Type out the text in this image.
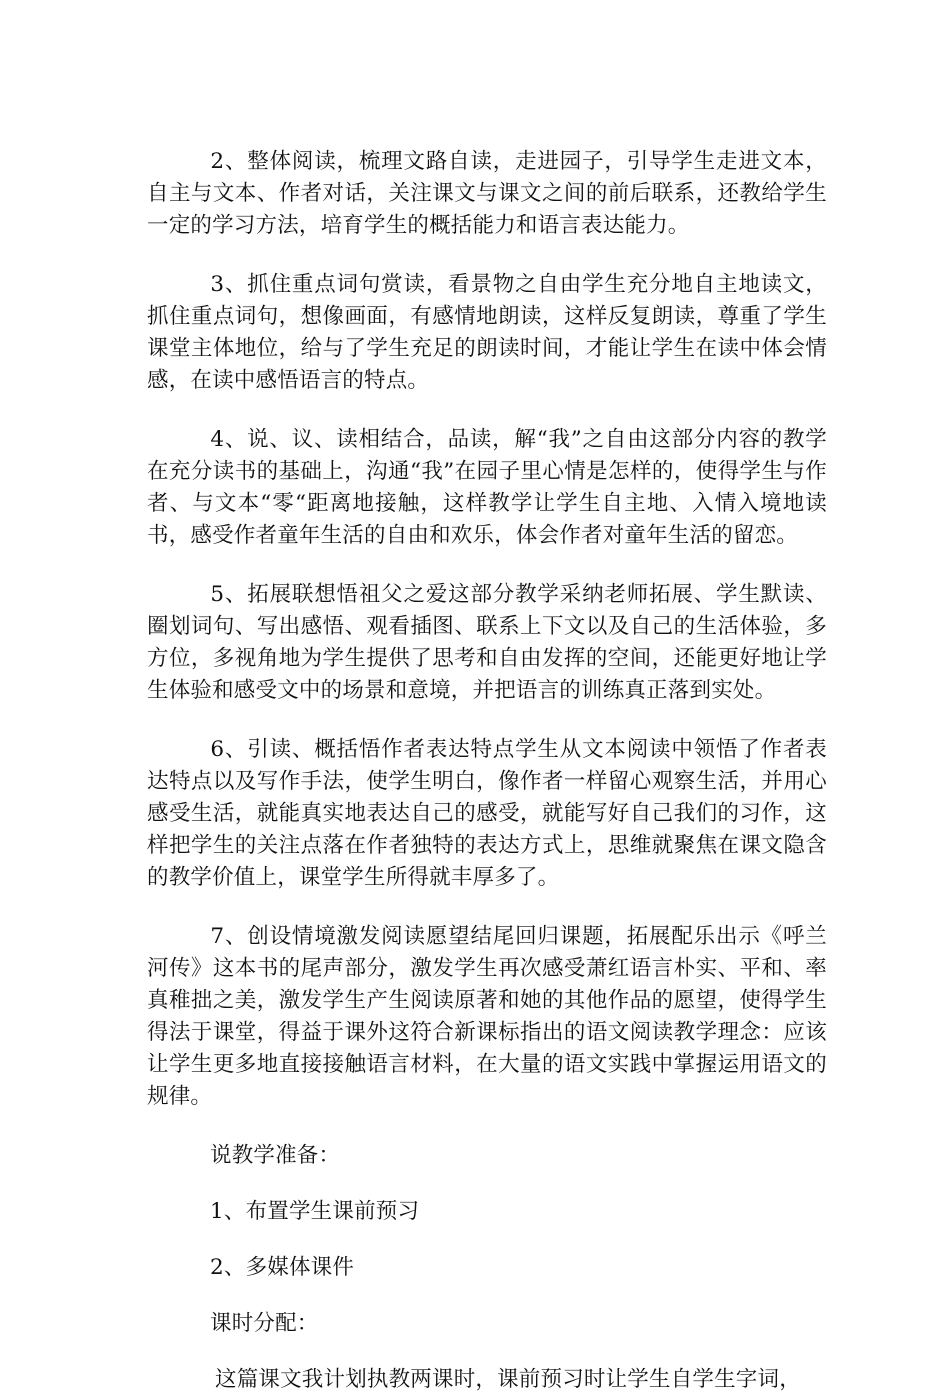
2、整体阅读，梳理文路自读，走进园子，引导学生走进文本，自主与文本、作者对话，关注课文与课文之间的前后联系，还教给学生一定的学习方法，培育学生的概括能力和语言表达能力。

3、抓住重点词句赏读，看景物之自由学生充分地自主地读文，抓住重点词句，想像画面，有感情地朗读，这样反复朗读，尊重了学生课堂主体地位，给与了学生充足的朗读时间，才能让学生在读中体会情感，在读中感悟语言的特点。

4、说、议、读相结合，品读，解“我”之自由这部分内容的教学在充分读书的基础上，沟通“我”在园子里心情是怎样的，使得学生与作者、与文本“零“距离地接触，这样教学让学生自主地、入情入境地读书，感受作者童年生活的自由和欢乐，体会作者对童年生活的留恋。

5、拓展联想悟祖父之爱这部分教学采纳老师拓展、学生默读、圈划词句、写出感悟、观看插图、联系上下文以及自己的生活体验，多方位，多视角地为学生提供了思考和自由发挥的空间，还能更好地让学生体验和感受文中的场景和意境，并把语言的训练真正落到实处。

6、引读、概括悟作者表达特点学生从文本阅读中领悟了作者表达特点以及写作手法，使学生明白，像作者一样留心观察生活，并用心感受生活，就能真实地表达自己的感受，就能写好自己我们的习作，这样把学生的关注点落在作者独特的表达方式上，思维就聚焦在课文隐含的教学价值上，课堂学生所得就丰厚多了。

7、创设情境激发阅读愿望结尾回归课题，拓展配乐出示《呼兰河传》这本书的尾声部分，激发学生再次感受萧红语言朴实、平和、率真稚拙之美，激发学生产生阅读原著和她的其他作品的愿望，使得学生得法于课堂，得益于课外这符合新课标指出的语文阅读教学理念：应该让学生更多地直接接触语言材料，在大量的语文实践中掌握运用语文的规律。

说教学准备：

1、布置学生课前预习

2、多媒体课件

课时分配：

这篇课文我计划执教两课时，课前预习时让学生自学生字词，
